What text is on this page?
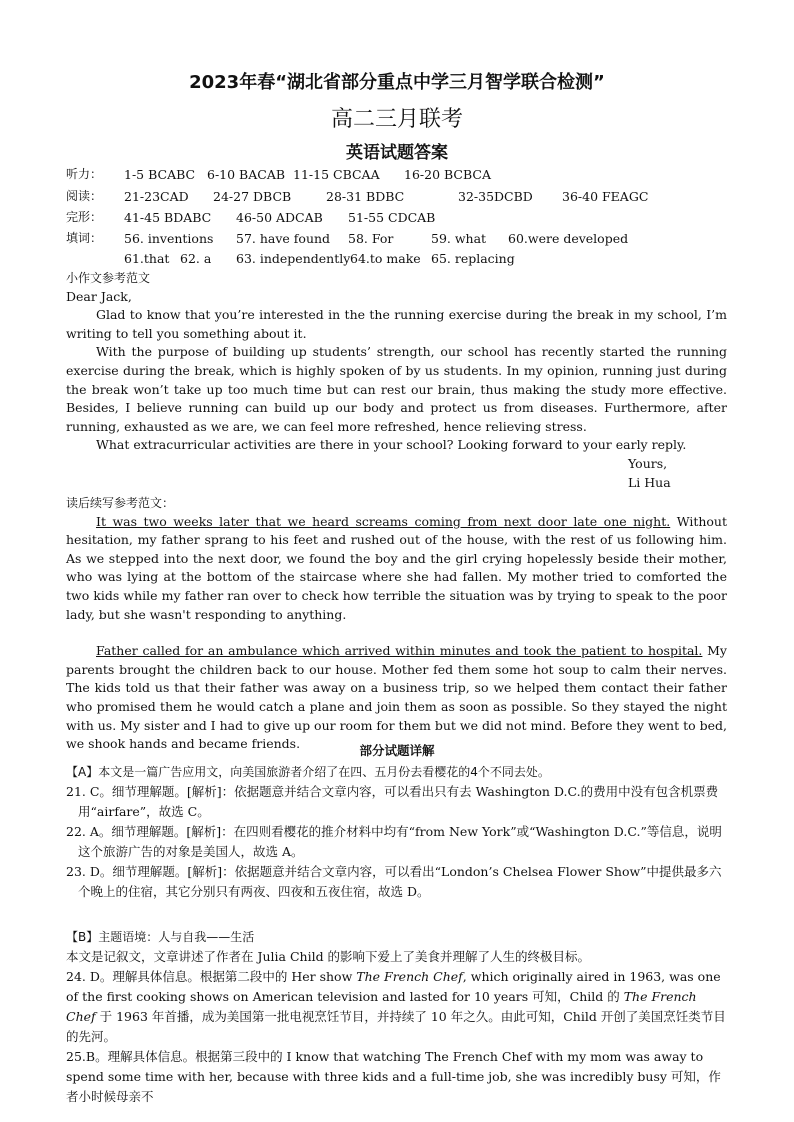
2023年春“湖北省部分重点中学三月智学联合检测”
高二三月联考
英语试题答案
听力： 1-5 BCABC 6-10 BACAB 11-15 CBCAA 16-20 BCBCA
阅读： 21-23CAD 24-27 DBCB	28-31 BDBC	32-35DCBD 36-40 FEAGC
完形： 41-45 BDABC 46-50 ADCAB 51-55 CDCAB
填词： 56. inventions 57. have found 58. For	59. what 60.were developed
61.that 62. a 63. independently 64.to make 65. replacing

小作文参考范文

Dear Jack,

Glad to know that you’re interested in the the running exercise during the break in my school, I’m writing to tell you something about it.

With the purpose of building up students’ strength, our school has recently started the running exercise during the break, which is highly spoken of by us students. In my opinion, running just during the break won’t take up too much time but can rest our brain, thus making the study more effective. Besides, I believe running can build up our body and protect us from diseases. Furthermore, after running, exhausted as we are, we can feel more refreshed, hence relieving stress.

What extracurricular activities are there in your school? Looking forward to your early reply.

Yours,

Li Hua

读后续写参考范文：

It was two weeks later that we heard screams coming from next door late one night. Without hesitation, my father sprang to his feet and rushed out of the house, with the rest of us following him. As we stepped into the next door, we found the boy and the girl crying hopelessly beside their mother, who was lying at the bottom of the staircase where she had fallen. My mother tried to comforted the two kids while my father ran over to check how terrible the situation was by trying to speak to the poor lady, but she wasn't responding to anything.

Father called for an ambulance which arrived within minutes and took the patient to hospital. My parents brought the children back to our house. Mother fed them some hot soup to calm their nerves. The kids told us that their father was away on a business trip, so we helped them contact their father who promised them he would catch a plane and join them as soon as possible. So they stayed the night with us. My sister and I had to give up our room for them but we did not mind. Before they went to bed, we shook hands and became friends.	部分试题详解

【A】本文是一篇广告应用文，向美国旅游者介绍了在四、五月份去看樱花的4个不同去处。

21. C。细节理解题。[解析]：依据题意并结合文章内容，可以看出只有去 Washington D.C.的费用中没有包含机票费用“airfare”，故选 C。

22. A。细节理解题。[解析]：在四则看樱花的推介材料中均有“from New York”或“Washington D.C.”等信息，说明这个旅游广告的对象是美国人，故选 A。

23. D。细节理解题。[解析]：依据题意并结合文章内容，可以看出“London’s Chelsea Flower Show”中提供最多六个晚上的住宿，其它分别只有两夜、四夜和五夜住宿，故选 D。

【B】主题语境：人与自我——生活

本文是记叙文，文章讲述了作者在 Julia Child 的影响下爱上了美食并理解了人生的终极目标。

24. D。理解具体信息。根据第二段中的 Her show The French Chef, which originally aired in 1963, was one of the first cooking shows on American television and lasted for 10 years 可知，Child 的 The French Chef 于 1963 年首播，成为美国第一批电视烹饪节目，并持续了 10 年之久。由此可知，Child 开创了美国烹饪类节目的先河。

25.B。理解具体信息。根据第三段中的 I know that watching The French Chef with my mom was away to spend some time with her, because with three kids and a full-time job, she was incredibly busy 可知，作者小时候母亲不
